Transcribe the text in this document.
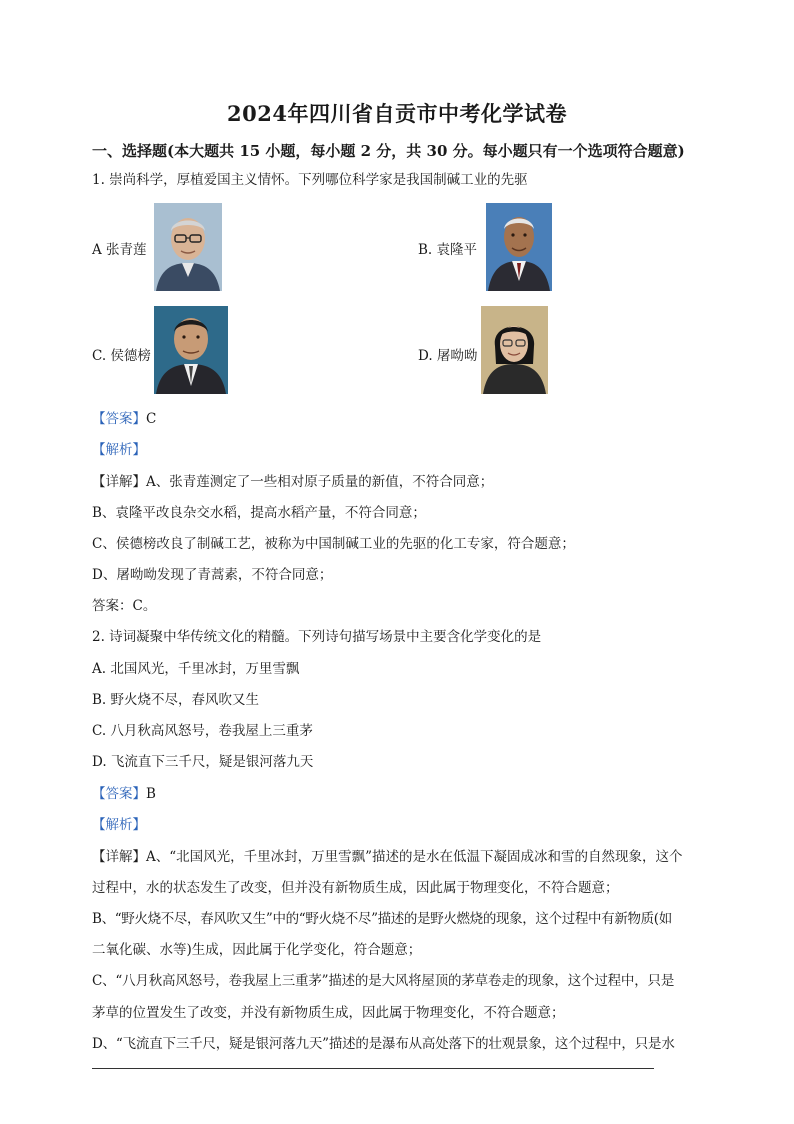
2024年四川省自贡市中考化学试卷
一、选择题(本大题共 15 小题，每小题 2 分，共 30 分。每小题只有一个选项符合题意)
1. 崇尚科学，厚植爱国主义情怀。下列哪位科学家是我国制碱工业的先驱
A 张青莲	B. 袁隆平
C. 侯德榜	D. 屠呦呦
【答案】C
【解析】
【详解】A、张青莲测定了一些相对原子质量的新值，不符合同意；
B、袁隆平改良杂交水稻，提高水稻产量，不符合同意；
C、侯德榜改良了制碱工艺，被称为中国制碱工业的先驱的化工专家，符合题意；
D、屠呦呦发现了青蒿素，不符合同意；
答案：C。
2. 诗词凝聚中华传统文化的精髓。下列诗句描写场景中主要含化学变化的是
A. 北国风光，千里冰封，万里雪飘
B. 野火烧不尽，春风吹又生
C. 八月秋高风怒号，卷我屋上三重茅
D. 飞流直下三千尺，疑是银河落九天
【答案】B
【解析】
【详解】A、“北国风光，千里冰封，万里雪飘”描述的是水在低温下凝固成冰和雪的自然现象，这个
过程中，水的状态发生了改变，但并没有新物质生成，因此属于物理变化，不符合题意；
B、“野火烧不尽，春风吹又生”中的“野火烧不尽”描述的是野火燃烧的现象，这个过程中有新物质(如
二氧化碳、水等)生成，因此属于化学变化，符合题意；
C、“八月秋高风怒号，卷我屋上三重茅”描述的是大风将屋顶的茅草卷走的现象，这个过程中，只是
茅草的位置发生了改变，并没有新物质生成，因此属于物理变化，不符合题意；
D、“飞流直下三千尺，疑是银河落九天”描述的是瀑布从高处落下的壮观景象，这个过程中，只是水
